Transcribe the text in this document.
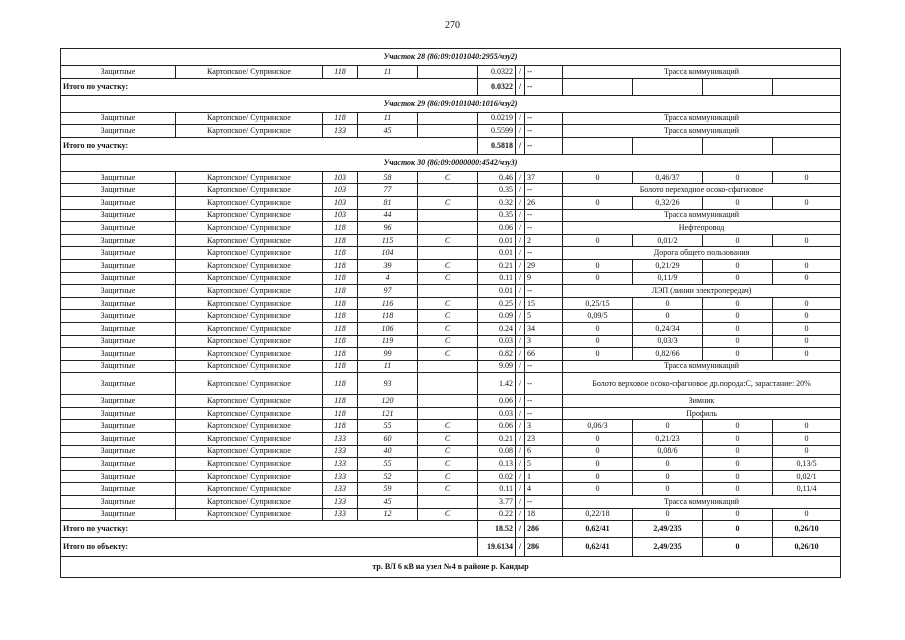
270
Участок 28 (86:09:0101040:2955/чзу2)											
Защитные	Картопское/ Супринское	118	11		0.0322	/	--	Трасса коммуникаций			
Итого по участку:					0.0322	/	--				
Участок 29 (86:09:0101040:1016/чзу2)											
Защитные	Картопское/ Супринское	118	11		0.0219	/	--	Трасса коммуникаций			
Защитные	Картопское/ Супринское	133	45		0.5599	/	--	Трасса коммуникаций			
Итого по участку:					0.5818	/	--				
Участок 30 (86:09:0000000:4542/чзу3)											
Защитные	Картопское/ Супринское	103	58	С	0.46	/	37	0	0,46/37	0	0
Защитные	Картопское/ Супринское	103	77		0.35	/	--	Болото переходное осоко-сфагновое			
Защитные	Картопское/ Супринское	103	81	С	0.32	/	26	0	0,32/26	0	0
Защитные	Картопское/ Супринское	103	44		0.35	/	--	Трасса коммуникаций			
Защитные	Картопское/ Супринское	118	96		0.06	/	--	Нефтепровод			
Защитные	Картопское/ Супринское	118	115	С	0.01	/	2	0	0,01/2	0	0
Защитные	Картопское/ Супринское	118	104		0.01	/	--	Дорога общего пользования			
Защитные	Картопское/ Супринское	118	39	С	0.21	/	29	0	0,21/29	0	0
Защитные	Картопское/ Супринское	118	4	С	0.11	/	9	0	0,11/9	0	0
Защитные	Картопское/ Супринское	118	97		0.01	/	--	ЛЭП (линии электропередач)			
Защитные	Картопское/ Супринское	118	116	С	0.25	/	15	0,25/15	0	0	0
Защитные	Картопское/ Супринское	118	118	С	0.09	/	5	0,09/5	0	0	0
Защитные	Картопское/ Супринское	118	106	С	0.24	/	34	0	0,24/34	0	0
Защитные	Картопское/ Супринское	118	119	С	0.03	/	3	0	0,03/3	0	0
Защитные	Картопское/ Супринское	118	99	С	0.82	/	66	0	0,82/66	0	0
Защитные	Картопское/ Супринское	118	11		9.09	/	--	Трасса коммуникаций			
Защитные	Картопское/ Супринское	118	93		1.42	/	--	Болото верховое осоко-сфагновое др.порода:С, зарастание: 20%			
Защитные	Картопское/ Супринское	118	120		0.06	/	--	Зимник			
Защитные	Картопское/ Супринское	118	121		0.03	/	--	Профиль			
Защитные	Картопское/ Супринское	118	55	С	0.06	/	3	0,06/3	0	0	0
Защитные	Картопское/ Супринское	133	60	С	0.21	/	23	0	0,21/23	0	0
Защитные	Картопское/ Супринское	133	40	С	0.08	/	6	0	0,08/6	0	0
Защитные	Картопское/ Супринское	133	55	С	0.13	/	5	0	0	0	0,13/5
Защитные	Картопское/ Супринское	133	52	С	0.02	/	1	0	0	0	0,02/1
Защитные	Картопское/ Супринское	133	59	С	0.11	/	4	0	0	0	0,11/4
Защитные	Картопское/ Супринское	133	45		3.77	/	--	Трасса коммуникаций			
Защитные	Картопское/ Супринское	133	12	С	0.22	/	18	0,22/18	0	0	0
Итого по участку:					18.52	/	286	0,62/41	2,49/235	0	0,26/10
Итого по объекту:					19.6134	/	286	0,62/41	2,49/235	0	0,26/10
тр. ВЛ 6 кВ на узел №4 в районе р. Кандыр											
